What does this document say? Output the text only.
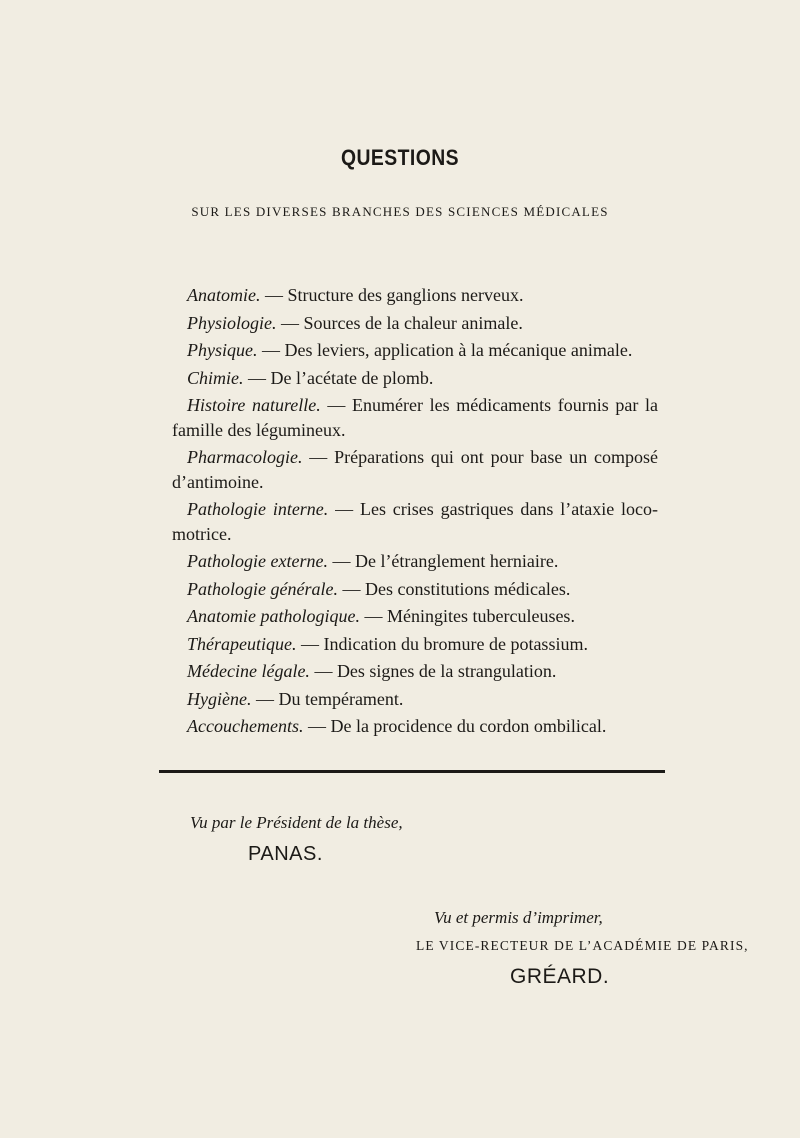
QUESTIONS
SUR LES DIVERSES BRANCHES DES SCIENCES MÉDICALES

Anatomie. — Structure des ganglions nerveux.

Physiologie. — Sources de la chaleur animale.

Physique. — Des leviers, application à la mécanique animale.

Chimie. — De l’acétate de plomb.

Histoire naturelle. — Enumérer les médicaments fournis par la famille des légumineux.

Pharmacologie. — Préparations qui ont pour base un composé d’antimoine.

Pathologie interne. — Les crises gastriques dans l’ataxie loco-motrice.

Pathologie externe. — De l’étranglement herniaire.

Pathologie générale. — Des constitutions médicales.

Anatomie pathologique. — Méningites tuberculeuses.

Thérapeutique. — Indication du bromure de potassium.

Médecine légale. — Des signes de la strangulation.

Hygiène. — Du tempérament.

Accouchements. — De la procidence du cordon ombilical.

Vu par le Président de la thèse,
PANAS.
Vu et permis d’imprimer,
LE VICE-RECTEUR DE L’ACADÉMIE DE PARIS,
GRÉARD.
